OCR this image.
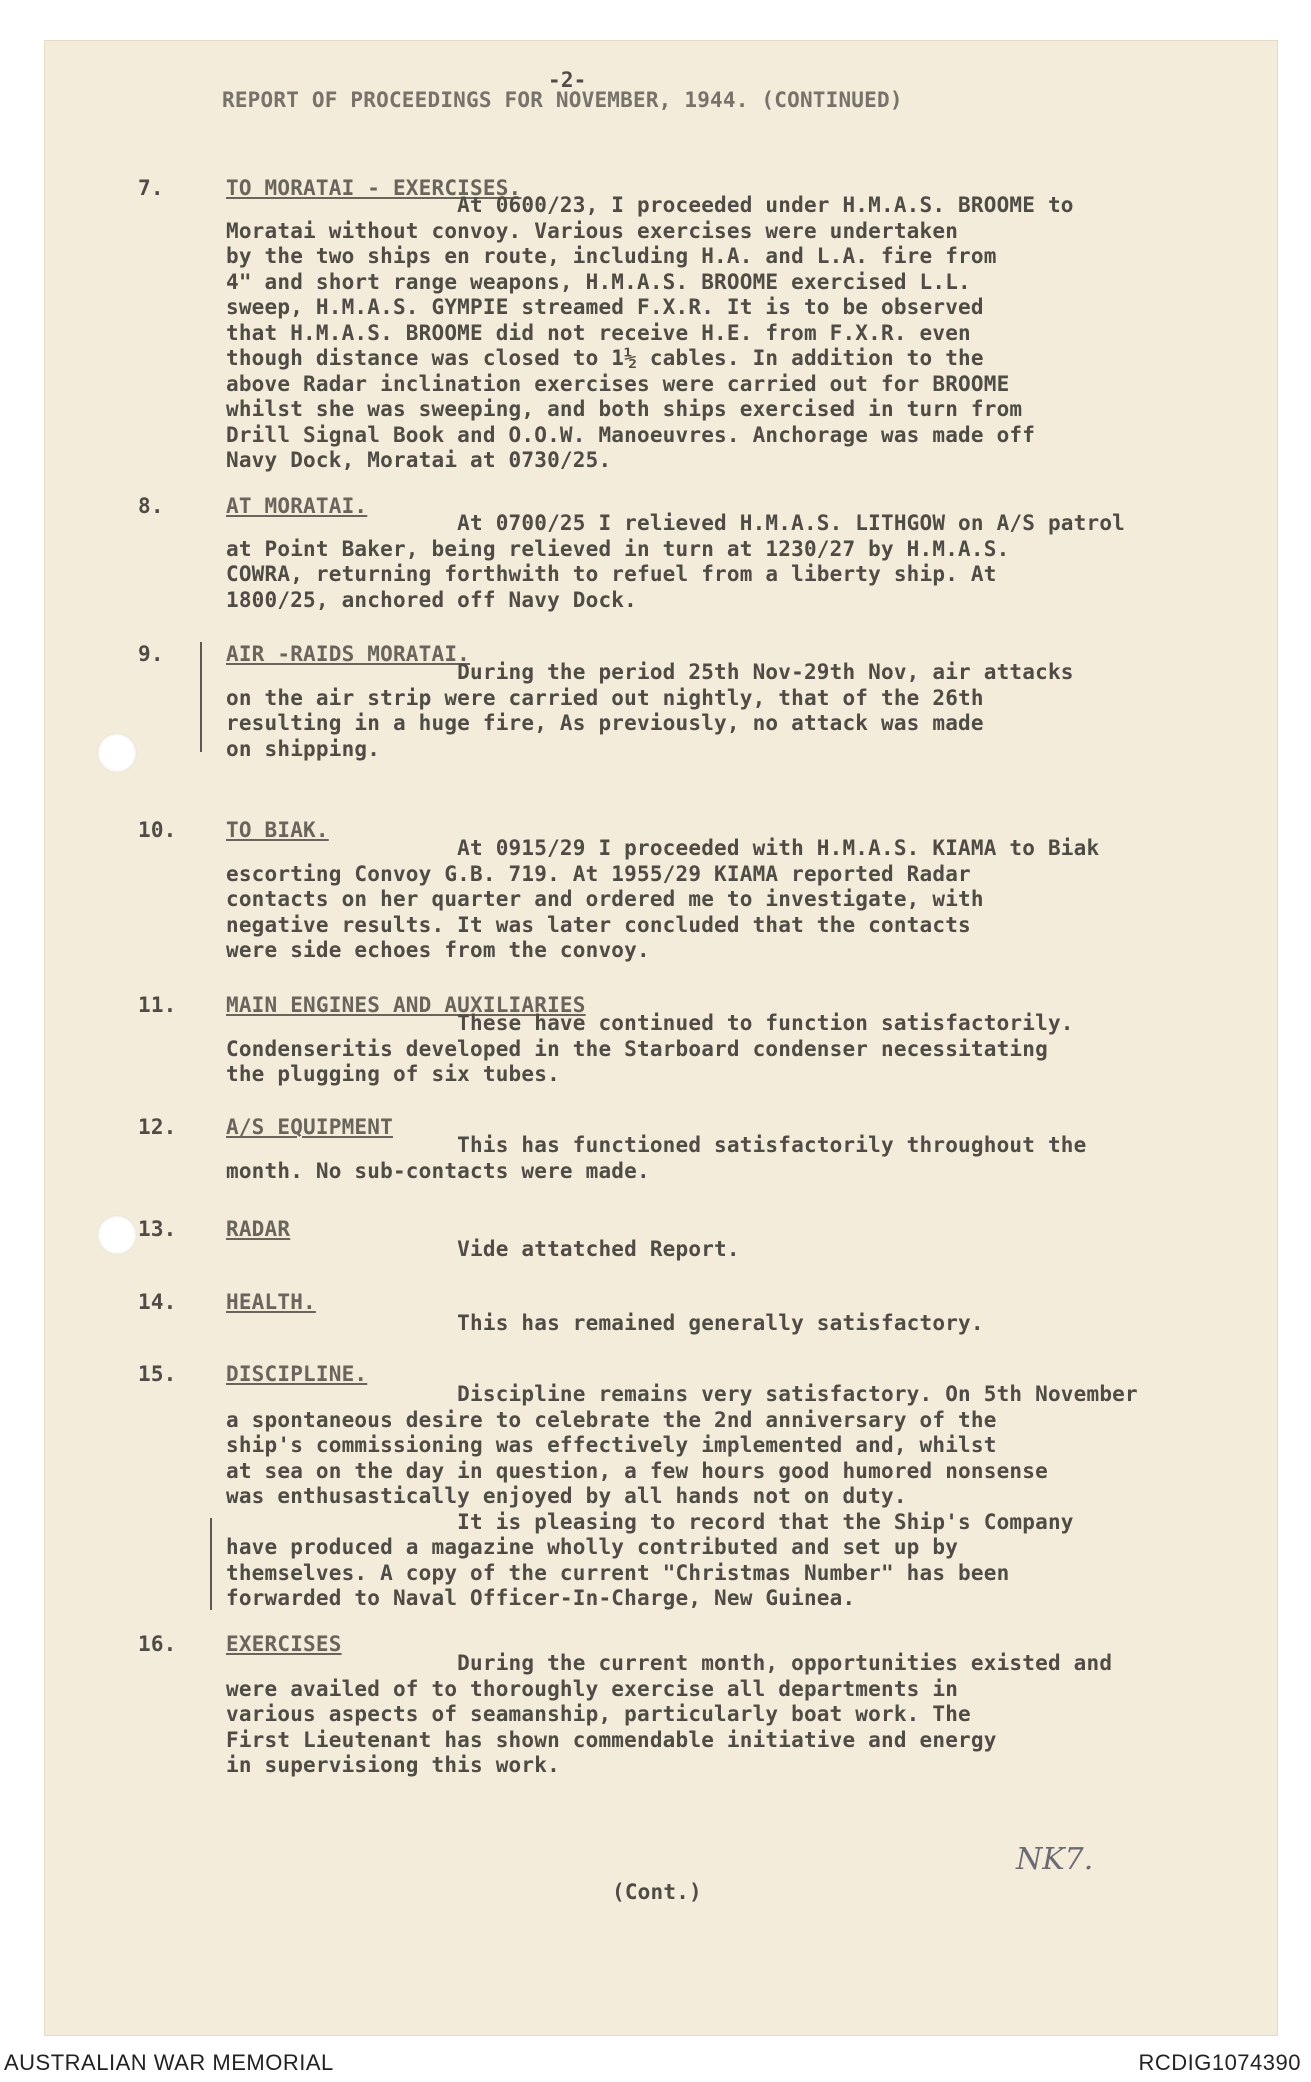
-2-
REPORT OF PROCEEDINGS FOR NOVEMBER, 1944. (CONTINUED)
7.	TO MORATAI - EXERCISES.
At 0600/23, I proceeded under H.M.A.S. BROOME to
Moratai without convoy. Various exercises were undertaken
by the two ships en route, including H.A. and L.A. fire from
4" and short range weapons, H.M.A.S. BROOME exercised L.L.
sweep, H.M.A.S. GYMPIE streamed F.X.R. It is to be observed
that H.M.A.S. BROOME did not receive H.E. from F.X.R. even
though distance was closed to 1½ cables. In addition to the
above Radar inclination exercises were carried out for BROOME
whilst she was sweeping, and both ships exercised in turn from
Drill Signal Book and O.O.W. Manoeuvres. Anchorage was made off
Navy Dock, Moratai at 0730/25.
8.	AT MORATAI.
At 0700/25 I relieved H.M.A.S. LITHGOW on A/S patrol
at Point Baker, being relieved in turn at 1230/27 by H.M.A.S.
COWRA, returning forthwith to refuel from a liberty ship. At
1800/25, anchored off Navy Dock.
9.	AIR -RAIDS MORATAI.
During the period 25th Nov-29th Nov, air attacks
on the air strip were carried out nightly, that of the 26th
resulting in a huge fire, As previously, no attack was made
on shipping.
10. TO BIAK.
At 0915/29 I proceeded with H.M.A.S. KIAMA to Biak
escorting Convoy G.B. 719. At 1955/29 KIAMA reported Radar
contacts on her quarter and ordered me to investigate, with
negative results. It was later concluded that the contacts
were side echoes from the convoy.
11. MAIN ENGINES AND AUXILIARIES
These have continued to function satisfactorily.
Condenseritis developed in the Starboard condenser necessitating
the plugging of six tubes.
12. A/S EQUIPMENT
This has functioned satisfactorily throughout the
month. No sub-contacts were made.
13. RADAR
Vide attatched Report.
14. HEALTH.
This has remained generally satisfactory.
15. DISCIPLINE.
Discipline remains very satisfactory. On 5th November
a spontaneous desire to celebrate the 2nd anniversary of the
ship's commissioning was effectively implemented and, whilst
at sea on the day in question, a few hours good humored nonsense
was enthusastically enjoyed by all hands not on duty.
It is pleasing to record that the Ship's Company
have produced a magazine wholly contributed and set up by
themselves. A copy of the current "Christmas Number" has been
forwarded to Naval Officer-In-Charge, New Guinea.
16. EXERCISES
During the current month, opportunities existed and
were availed of to thoroughly exercise all departments in
various aspects of seamanship, particularly boat work. The
First Lieutenant has shown commendable initiative and energy
in supervisiong this work.
(Cont.)
NK7.
AUSTRALIAN WAR MEMORIAL	RCDIG1074390
